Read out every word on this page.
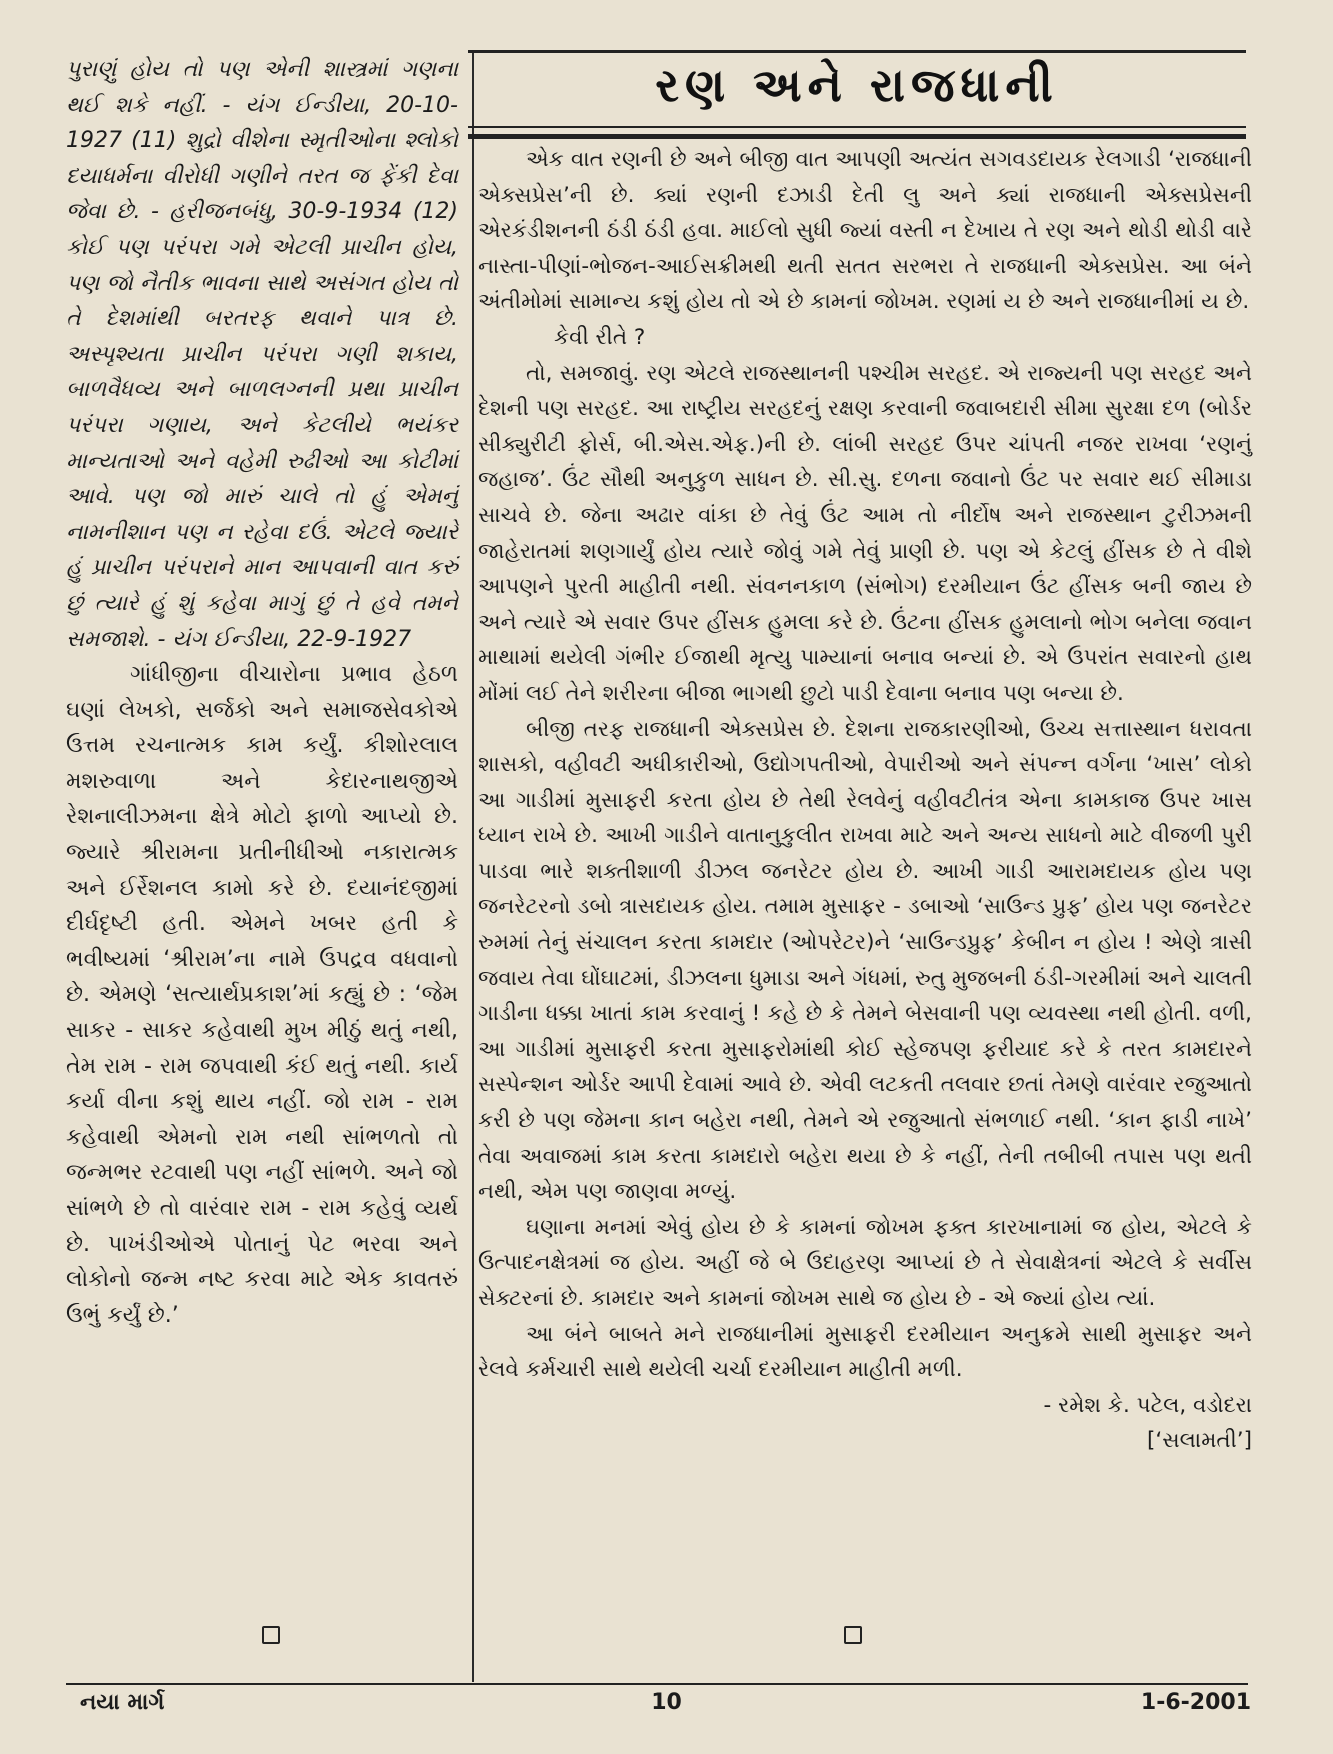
પુરાણું હોય તો પણ એની શાસ્ત્રમાં ગણના થઈ શકે નહીં. - યંગ ઈન્ડીયા, 20-10-1927 (11) શુદ્રો વીશેના સ્મૃતીઓના શ્લોકો દયાધર્મના વીરોધી ગણીને તરત જ ફેંકી દેવા જેવા છે. - હરીજનબંધુ, 30-9-1934 (12) કોઈ પણ પરંપરા ગમે એટલી પ્રાચીન હોય, પણ જો નૈતીક ભાવના સાથે અસંગત હોય તો તે દેશમાંથી બરતરફ થવાને પાત્ર છે. અસ્પૃશ્યતા પ્રાચીન પરંપરા ગણી શકાય, બાળવૈધવ્ય અને બાળલગ્નની પ્રથા પ્રાચીન પરંપરા ગણાય, અને કેટલીયે ભયંકર માન્યતાઓ અને વહેમી રુઢીઓ આ કોટીમાં આવે. પણ જો મારું ચાલે તો હું એમનું નામનીશાન પણ ન રહેવા દઉં. એટલે જ્યારે હું પ્રાચીન પરંપરાને માન આપવાની વાત કરું છું ત્યારે હું શું કહેવા માગું છું તે હવે તમને સમજાશે. - યંગ ઈન્ડીયા, 22-9-1927

ગાંધીજીના વીચારોના પ્રભાવ હેઠળ ઘણાં લેખકો, સર્જકો અને સમાજસેવકોએ ઉત્તમ રચનાત્મક કામ કર્યું. કીશોરલાલ મશરુવાળા અને કેદારનાથજીએ રેશનાલીઝમના ક્ષેત્રે મોટો ફાળો આપ્યો છે. જ્યારે શ્રીરામના પ્રતીનીધીઓ નકારાત્મક અને ઈર્રેશનલ કામો કરે છે. દયાનંદજીમાં દીર્ઘદૃષ્ટી હતી. એમને ખબર હતી કે ભવીષ્યમાં ‘શ્રીરામ’ના નામે ઉપદ્રવ વધવાનો છે. એમણે ‘સત્યાર્થપ્રકાશ’માં કહ્યું છે : ‘જેમ સાકર - સાકર કહેવાથી મુખ મીઠું થતું નથી, તેમ રામ - રામ જપવાથી કંઈ થતું નથી. કાર્ય કર્યા વીના કશું થાય નહીં. જો રામ - રામ કહેવાથી એમનો રામ નથી સાંભળતો તો જન્મભર રટવાથી પણ નહીં સાંભળે. અને જો સાંભળે છે તો વારંવાર રામ - રામ કહેવું વ્યર્થ છે. પાખંડીઓએ પોતાનું પેટ ભરવા અને લોકોનો જન્મ નષ્ટ કરવા માટે એક કાવતરું ઉભું કર્યું છે.’

રણ અને રાજધાની

એક વાત રણની છે અને બીજી વાત આપણી અત્યંત સગવડદાયક રેલગાડી ‘રાજધાની એક્સપ્રેસ’ની છે. ક્યાં રણની દઝાડી દેતી લુ અને ક્યાં રાજધાની એક્સપ્રેસની એરકંડીશનની ઠંડી ઠંડી હવા. માઈલો સુધી જ્યાં વસ્તી ન દેખાય તે રણ અને થોડી થોડી વારે નાસ્તા-પીણાં-ભોજન-આઈસક્રીમથી થતી સતત સરભરા તે રાજધાની એક્સપ્રેસ. આ બંને અંતીમોમાં સામાન્ય કશું હોય તો એ છે કામનાં જોખમ. રણમાં ય છે અને રાજધાનીમાં ય છે.

કેવી રીતે ?

તો, સમજાવું. રણ એટલે રાજસ્થાનની પશ્ચીમ સરહદ. એ રાજ્યની પણ સરહદ અને દેશની પણ સરહદ. આ રાષ્ટ્રીય સરહદનું રક્ષણ કરવાની જવાબદારી સીમા સુરક્ષા દળ (બોર્ડર સીક્યુરીટી ફોર્સ, બી.એસ.એફ.)ની છે. લાંબી સરહદ ઉપર ચાંપતી નજર રાખવા ‘રણનું જહાજ’. ઉંટ સૌથી અનુકુળ સાધન છે. સી.સુ. દળના જવાનો ઉંટ પર સવાર થઈ સીમાડા સાચવે છે. જેના અઢાર વાંકા છે તેવું ઉંટ આમ તો નીર્દોષ અને રાજસ્થાન ટુરીઝમની જાહેરાતમાં શણગાર્યું હોય ત્યારે જોવું ગમે તેવું પ્રાણી છે. પણ એ કેટલું હીંસક છે તે વીશે આપણને પુરતી માહીતી નથી. સંવનનકાળ (સંભોગ) દરમીયાન ઉંટ હીંસક બની જાય છે અને ત્યારે એ સવાર ઉપર હીંસક હુમલા કરે છે. ઉંટના હીંસક હુમલાનો ભોગ બનેલા જવાન માથામાં થયેલી ગંભીર ઈજાથી મૃત્યુ પામ્યાનાં બનાવ બન્યાં છે. એ ઉપરાંત સવારનો હાથ મોંમાં લઈ તેને શરીરના બીજા ભાગથી છુટો પાડી દેવાના બનાવ પણ બન્યા છે.

બીજી તરફ રાજધાની એક્સપ્રેસ છે. દેશના રાજકારણીઓ, ઉચ્ચ સત્તાસ્થાન ધરાવતા શાસકો, વહીવટી અધીકારીઓ, ઉદ્યોગપતીઓ, વેપારીઓ અને સંપન્ન વર્ગના ‘ખાસ’ લોકો આ ગાડીમાં મુસાફરી કરતા હોય છે તેથી રેલવેનું વહીવટીતંત્ર એના કામકાજ ઉપર ખાસ ધ્યાન રાખે છે. આખી ગાડીને વાતાનુકુલીત રાખવા માટે અને અન્ય સાધનો માટે વીજળી પુરી પાડવા ભારે શક્તીશાળી ડીઝલ જનરેટર હોય છે. આખી ગાડી આરામદાયક હોય પણ જનરેટરનો ડબો ત્રાસદાયક હોય. તમામ મુસાફર - ડબાઓ ‘સાઉન્ડ પ્રુફ’ હોય પણ જનરેટર રુમમાં તેનું સંચાલન કરતા કામદાર (ઓપરેટર)ને ‘સાઉન્ડપ્રુફ’ કેબીન ન હોય ! એણે ત્રાસી જવાય તેવા ઘોંઘાટમાં, ડીઝલના ધુમાડા અને ગંધમાં, રુતુ મુજબની ઠંડી-ગરમીમાં અને ચાલતી ગાડીના ધક્કા ખાતાં કામ કરવાનું ! કહે છે કે તેમને બેસવાની પણ વ્યવસ્થા નથી હોતી. વળી, આ ગાડીમાં મુસાફરી કરતા મુસાફરોમાંથી કોઈ સ્હેજપણ ફરીયાદ કરે કે તરત કામદારને સસ્પેન્શન ઓર્ડર આપી દેવામાં આવે છે. એવી લટકતી તલવાર છતાં તેમણે વારંવાર રજુઆતો કરી છે પણ જેમના કાન બહેરા નથી, તેમને એ રજુઆતો સંભળાઈ નથી. ‘કાન ફાડી નાખે’ તેવા અવાજમાં કામ કરતા કામદારો બહેરા થયા છે કે નહીં, તેની તબીબી તપાસ પણ થતી નથી, એમ પણ જાણવા મળ્યું.

ઘણાના મનમાં એવું હોય છે કે કામનાં જોખમ ફક્ત કારખાનામાં જ હોય, એટલે કે ઉત્પાદનક્ષેત્રમાં જ હોય. અહીં જે બે ઉદાહરણ આપ્યાં છે તે સેવાક્ષેત્રનાં એટલે કે સર્વીસ સેક્ટરનાં છે. કામદાર અને કામનાં જોખમ સાથે જ હોય છે - એ જ્યાં હોય ત્યાં.

આ બંને બાબતે મને રાજધાનીમાં મુસાફરી દરમીયાન અનુક્રમે સાથી મુસાફર અને રેલવે કર્મચારી સાથે થયેલી ચર્ચા દરમીયાન માહીતી મળી.

- રમેશ કે. પટેલ, વડોદરા

[‘સલામતી’]

નયા માર્ગ	10	1-6-2001
